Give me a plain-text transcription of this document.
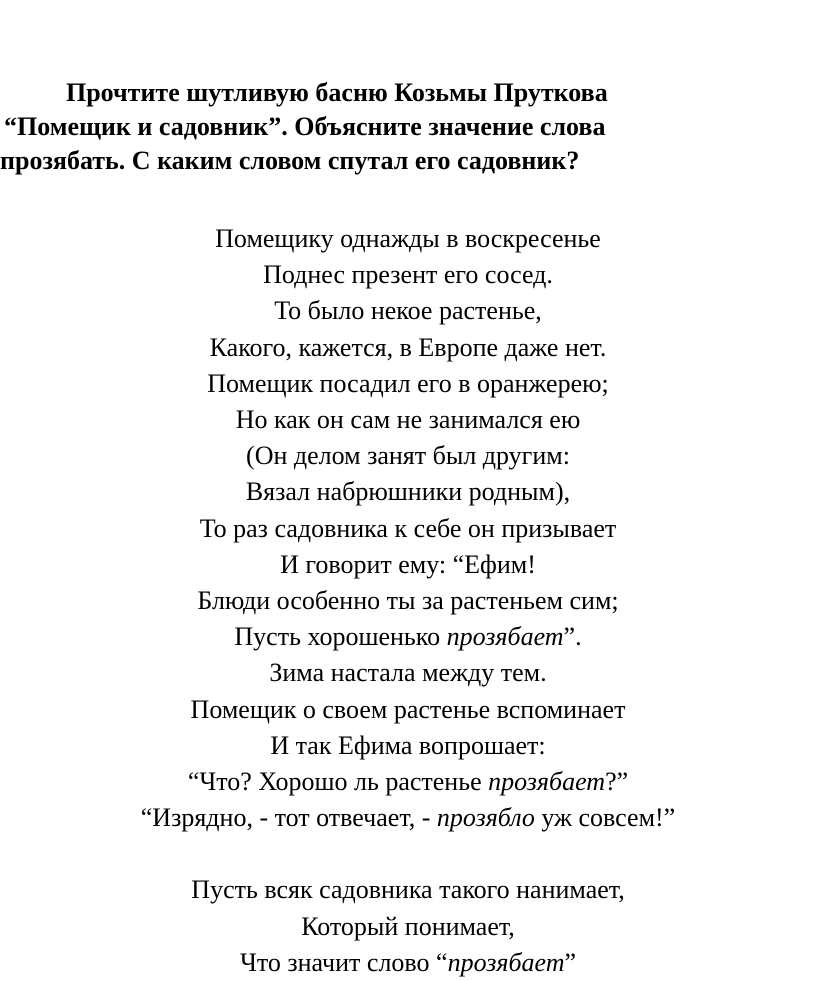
Прочтите шутливую басню Козьмы Пруткова
“Помещик и садовник”. Объясните значение слова
прозябать. С каким словом спутал его садовник?
Помещику однажды в воскресенье
Поднес презент его сосед.
То было некое растенье,
Какого, кажется, в Европе даже нет.
Помещик посадил его в оранжерею;
Но как он сам не занимался ею
(Он делом занят был другим:
Вязал набрюшники родным),
То раз садовника к себе он призывает
И говорит ему: “Ефим!
Блюди особенно ты за растеньем сим;
Пусть хорошенько прозябает”.
Зима настала между тем.
Помещик о своем растенье вспоминает
И так Ефима вопрошает:
“Что? Хорошо ль растенье прозябает?”
“Изрядно, - тот отвечает, - прозябло уж совсем!”
Пусть всяк садовника такого нанимает,
Который понимает,
Что значит слово “прозябает”
